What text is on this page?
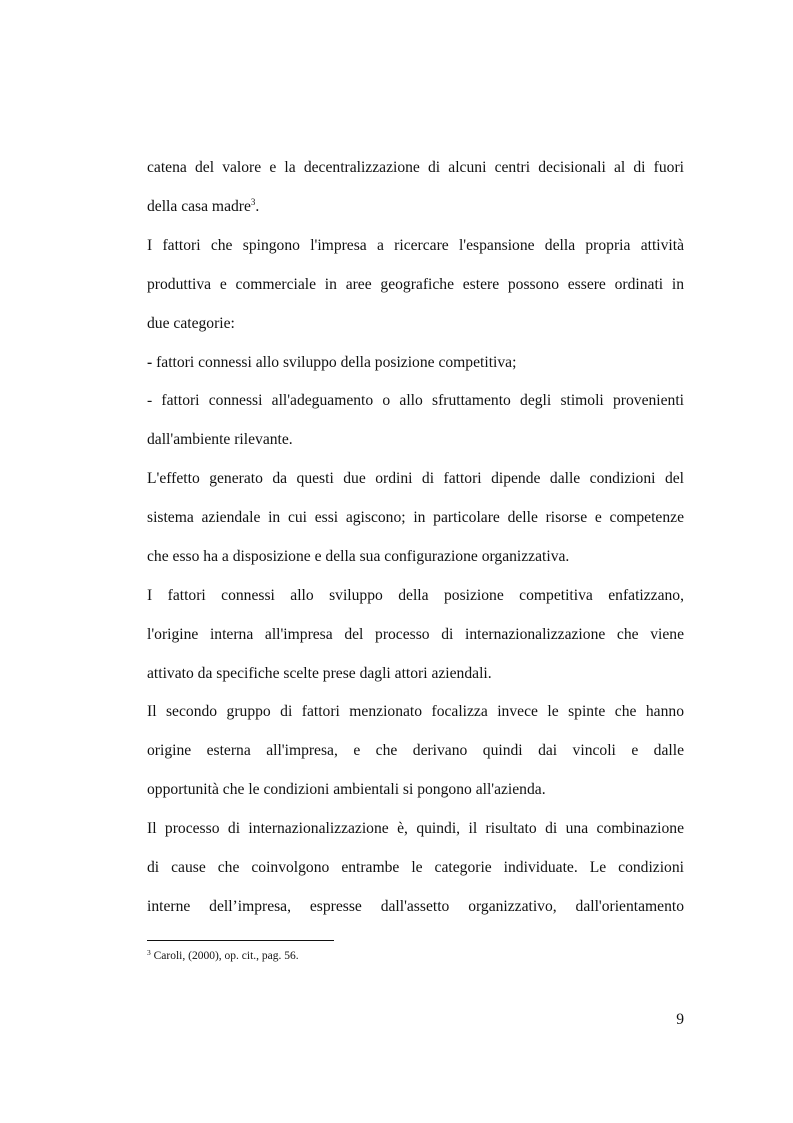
catena del valore e la decentralizzazione di alcuni centri decisionali al di fuori
della casa madre$^3$.
I fattori che spingono l'impresa a ricercare l'espansione della propria attività
produttiva e commerciale in aree geografiche estere possono essere ordinati in
due categorie:
- fattori connessi allo sviluppo della posizione competitiva;
- fattori connessi all'adeguamento o allo sfruttamento degli stimoli provenienti
dall'ambiente rilevante.
L'effetto generato da questi due ordini di fattori dipende dalle condizioni del
sistema aziendale in cui essi agiscono; in particolare delle risorse e competenze
che esso ha a disposizione e della sua configurazione organizzativa.
I fattori connessi allo sviluppo della posizione competitiva enfatizzano,
l'origine interna all'impresa del processo di internazionalizzazione che viene
attivato da specifiche scelte prese dagli attori aziendali.
Il secondo gruppo di fattori menzionato focalizza invece le spinte che hanno
origine esterna all'impresa, e che derivano quindi dai vincoli e dalle
opportunità che le condizioni ambientali si pongono all'azienda.
Il processo di internazionalizzazione è, quindi, il risultato di una combinazione
di cause che coinvolgono entrambe le categorie individuate. Le condizioni
interne dell’impresa, espresse dall'assetto organizzativo, dall'orientamento
$^3$ Caroli, (2000), op. cit., pag. 56.
9
